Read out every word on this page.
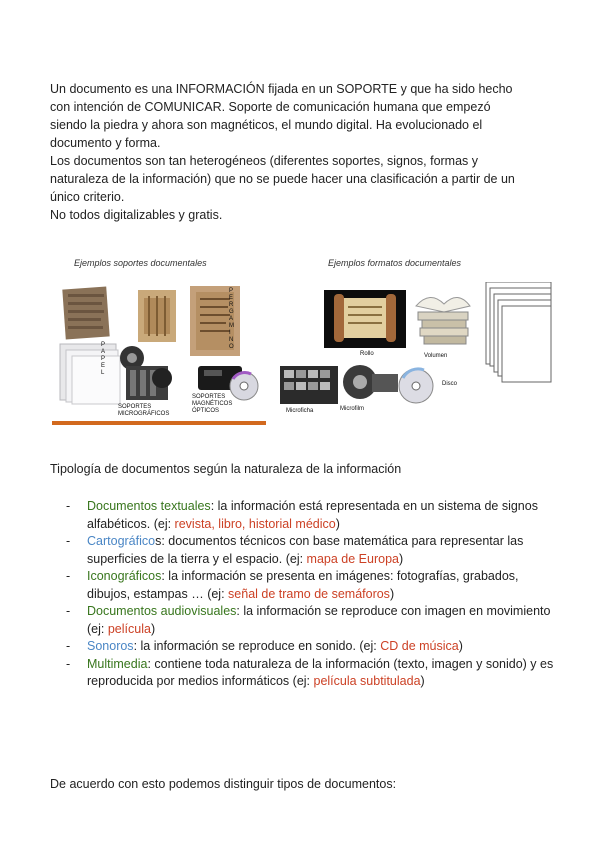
Un documento es una INFORMACIÓN fijada en un SOPORTE y que ha sido hecho
con intención de COMUNICAR. Soporte de comunicación humana que empezó
siendo la piedra y ahora son magnéticos, el mundo digital. Ha evolucionado el
documento y forma.
Los documentos son tan heterogéneos (diferentes soportes, signos, formas y
naturaleza de la información) que no se puede hacer una clasificación a partir de un
único criterio.
No todos digitalizables y gratis.

Ejemplos soportes documentales	Ejemplos formatos documentales
P A P E L
SOPORTES MICROGRÁFICOS
SOPORTES MAGNÉTICOS ÓPTICOS
P E R G A M I N O
Rollo	Volumen
Microficha	Microfilm
Disco

Tipología de documentos según la naturaleza de la información

- Documentos textuales: la información está representada en un sistema de signos alfabéticos. (ej: revista, libro, historial médico)
- Cartográficos: documentos técnicos con base matemática para representar las superficies de la tierra y el espacio. (ej: mapa de Europa)
- Iconográficos: la información se presenta en imágenes: fotografías, grabados, dibujos, estampas … (ej: señal de tramo de semáforos)
- Documentos audiovisuales: la información se reproduce con imagen en movimiento (ej: película)
- Sonoros: la información se reproduce en sonido. (ej: CD de música)
- Multimedia: contiene toda naturaleza de la información (texto, imagen y sonido) y es reproducida por medios informáticos (ej: película subtitulada)

De acuerdo con esto podemos distinguir tipos de documentos:
